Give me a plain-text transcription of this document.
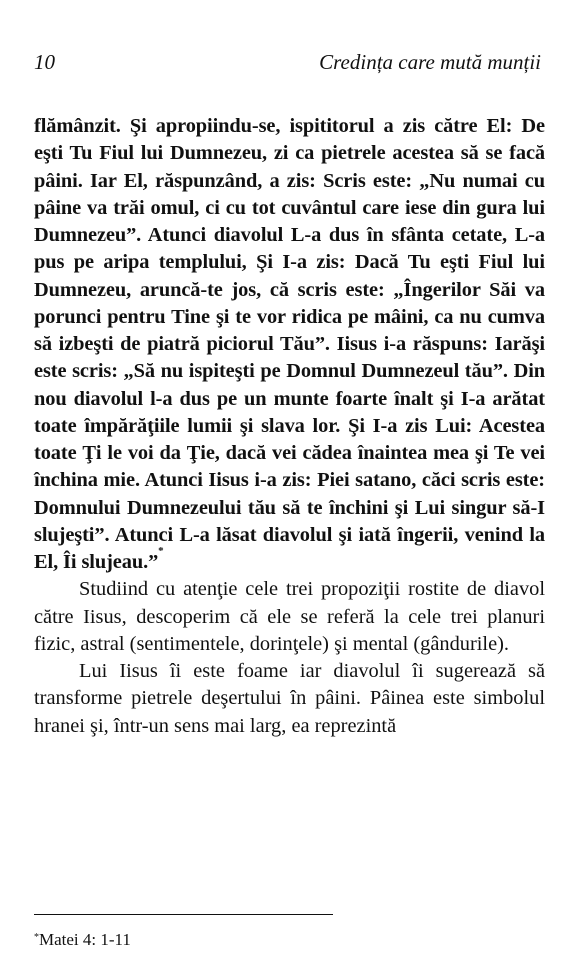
10	Credința care mută munții

flămânzit. Şi apropiindu-se, ispititorul a zis către El: De eşti Tu Fiul lui Dumnezeu, zi ca pietrele acestea să se facă pâini. Iar El, răspunzând, a zis: Scris este: „Nu numai cu pâine va trăi omul, ci cu tot cuvântul care iese din gura lui Dumnezeu”. Atunci diavolul L-a dus în sfânta cetate, L-a pus pe aripa templului, Şi I-a zis: Dacă Tu eşti Fiul lui Dumnezeu, aruncă-te jos, că scris este: „Îngerilor Săi va porunci pentru Tine şi te vor ridica pe mâini, ca nu cumva să izbeşti de piatră piciorul Tău”. Iisus i-a răspuns: Iarăşi este scris: „Să nu ispiteşti pe Domnul Dumnezeul tău”. Din nou diavolul l-a dus pe un munte foarte înalt şi I-a arătat toate împărăţiile lumii şi slava lor. Şi I-a zis Lui: Acestea toate Ţi le voi da Ţie, dacă vei cădea înaintea mea şi Te vei închina mie. Atunci Iisus i-a zis: Piei satano, căci scris este: Domnului Dumnezeului tău să te închini şi Lui singur să-I slujeşti”. Atunci L-a lăsat diavolul şi iată îngerii, venind la El, Îi slujeau.”*

Studiind cu atenţie cele trei propoziţii rostite de diavol către Iisus, descoperim că ele se referă la cele trei planuri fizic, astral (sentimentele, dorinţele) şi mental (gândurile).

Lui Iisus îi este foame iar diavolul îi sugerează să transforme pietrele deşertului în pâini. Pâinea este simbolul hranei şi, într-un sens mai larg, ea reprezintă

*Matei 4: 1-11
